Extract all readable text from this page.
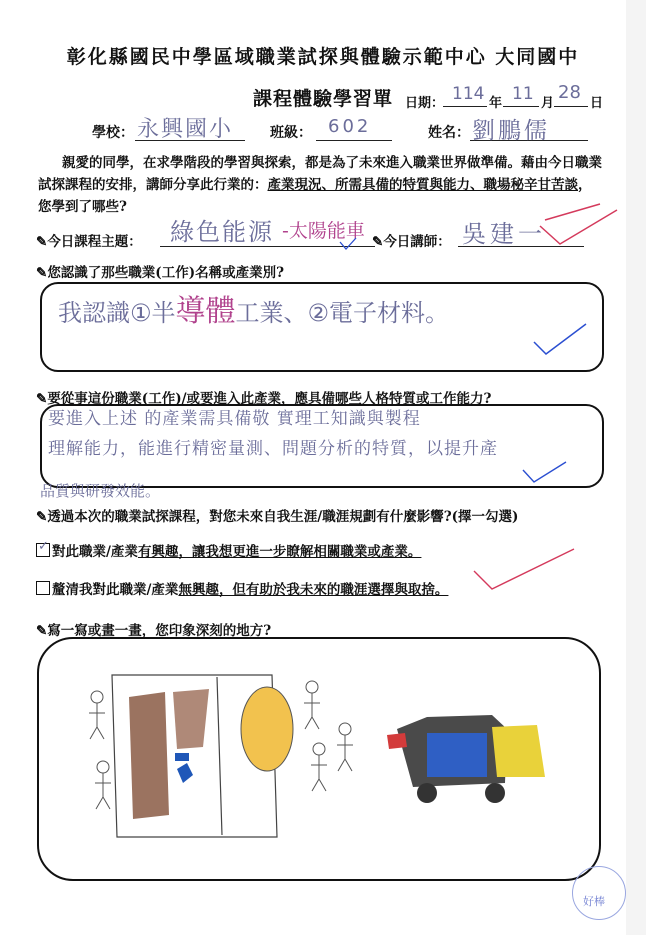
彰化縣國民中學區域職業試探與體驗示範中心 大同國中
課程體驗學習單 日期： 114 年 11 月
28
日
學校： 永興國小	班級： 602	姓名： 劉鵬儒
親愛的同學，在求學階段的學習與探索，都是為了未來進入職業世界做準備。藉由今日職業試探課程的安排，講師分享此行業的：產業現況、所需具備的特質與能力、職場秘辛甘苦談，您學到了哪些?
✎今日課程主題： 綠色能源 -太陽能車 ✎今日講師： 吳建一
✎您認識了那些職業(工作)名稱或產業別?
我認識①半導體工業、②電子材料。
✎要從事這份職業(工作)/或要進入此產業，應具備哪些人格特質或工作能力?
要進入上述 的產業需具備敬 實理工知識與製程
理解能力，能進行精密量測、問題分析的特質，以提升產
品質與研發效能。
✎透過本次的職業試探課程，對您未來自我生涯/職涯規劃有什麼影響?(擇一勾選)
✓ 對此職業/產業有興趣，讓我想更進一步瞭解相關職業或產業。
釐清我對此職業/產業無興趣，但有助於我未來的職涯選擇與取捨。
✎寫一寫或畫一畫，您印象深刻的地方?
好棒
